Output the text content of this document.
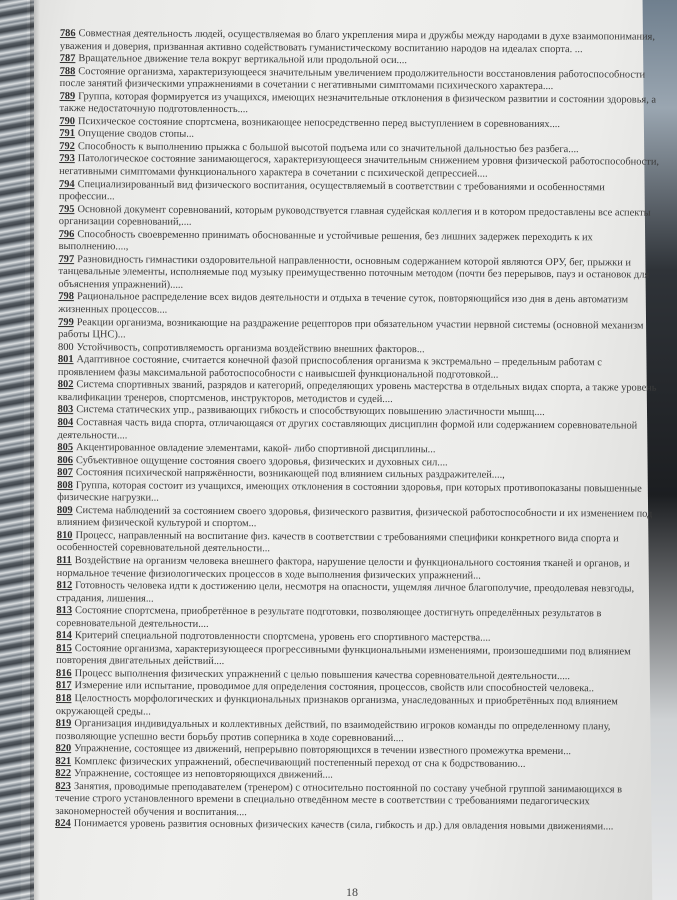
786 Совместная деятельность людей, осуществляемая во благо укрепления мира и дружбы между народами в духе взаимопонимания, уважения и доверия, призванная активно содействовать гуманистическому воспитанию народов на идеалах спорта. ...

787 Вращательное движение тела вокруг вертикальной или продольной оси....

788 Состояние организма, характеризующееся значительным увеличением продолжительности восстановления работоспособности после занятий физическими упражнениями в сочетании с негативными симптомами психического характера....

789 Группа, которая формируется из учащихся, имеющих незначительные отклонения в физическом развитии и состоянии здоровья, а также недостаточную подготовленность....

790 Психическое состояние спортсмена, возникающее непосредственно перед выступлением в соревнованиях....

791 Опущение сводов стопы...

792 Способность к выполнению прыжка с большой высотой подъема или со значительной дальностью без разбега....

793 Патологическое состояние занимающегося, характеризующееся значительным снижением уровня физической работоспособности, негативными симптомами функционального характера в сочетании с психической депрессией....

794 Специализированный вид физического воспитания, осуществляемый в соответствии с требованиями и особенностями профессии...

795 Основной документ соревнований, которым руководствуется главная судейская коллегия и в котором предоставлены все аспекты организации соревнований,....

796 Способность своевременно принимать обоснованные и устойчивые решения, без лишних задержек переходить к их выполнению....,

797 Разновидность гимнастики оздоровительной направленности, основным содержанием которой являются ОРУ, бег, прыжки и танцевальные элементы, исполняемые под музыку преимущественно поточным методом (почти без перерывов, пауз и остановок для объяснения упражнений).....

798 Рациональное распределение всех видов деятельности и отдыха в течение суток, повторяющийся изо дня в день автоматизм жизненных процессов....

799 Реакции организма, возникающие на раздражение рецепторов при обязательном участии нервной системы (основной механизм работы ЦНС)...

800 Устойчивость, сопротивляемость организма воздействию внешних факторов...

801 Адаптивное состояние, считается конечной фазой приспособления организма к экстремально – предельным работам с проявлением фазы максимальной работоспособности с наивысшей функциональной подготовкой...

802 Система спортивных званий, разрядов и категорий, определяющих уровень мастерства в отдельных видах спорта, а также уровень квалификации тренеров, спортсменов, инструкторов, методистов и судей....

803 Система статических упр., развивающих гибкость и способствующих повышению эластичности мышц....

804 Составная часть вида спорта, отличающаяся от других составляющих дисциплин формой или содержанием соревновательной деятельности....

805 Акцентированное овладение элементами, какой- либо спортивной дисциплины...

806 Субъективное ощущение состояния своего здоровья, физических и духовных сил....

807 Состояния психической напряжённости, возникающей под влиянием сильных раздражителей....,

808 Группа, которая состоит из учащихся, имеющих отклонения в состоянии здоровья, при которых противопоказаны повышенные физические нагрузки...

809 Система наблюдений за состоянием своего здоровья, физического развития, физической работоспособности и их изменением под влиянием физической культурой и спортом...

810 Процесс, направленный на воспитание физ. качеств в соответствии с требованиями специфики конкретного вида спорта и особенностей соревновательной деятельности...

811 Воздействие на организм человека внешнего фактора, нарушение целости и функционального состояния тканей и органов, и нормальное течение физиологических процессов в ходе выполнения физических упражнений...

812 Готовность человека идти к достижению цели, несмотря на опасности, ущемляя личное благополучие, преодолевая невзгоды, страдания, лишения...

813 Состояние спортсмена, приобретённое в результате подготовки, позволяющее достигнуть определённых результатов в соревновательной деятельности....

814 Критерий специальной подготовленности спортсмена, уровень его спортивного мастерства....

815 Состояние организма, характеризующееся прогрессивными функциональными изменениями, произошедшими под влиянием повторения двигательных действий....

816 Процесс выполнения физических упражнений с целью повышения качества соревновательной деятельности.....

817 Измерение или испытание, проводимое для определения состояния, процессов, свойств или способностей человека..

818 Целостность морфологических и функциональных признаков организма, унаследованных и приобретённых под влиянием окружающей среды...

819 Организация индивидуальных и коллективных действий, по взаимодействию игроков команды по определенному плану, позволяющие успешно вести борьбу против соперника в ходе соревнований....

820 Упражнение, состоящее из движений, непрерывно повторяющихся в течении известного промежутка времени...

821 Комплекс физических упражнений, обеспечивающий постепенный переход от сна к бодрствованию...

822 Упражнение, состоящее из неповторяющихся движений....

823 Занятия, проводимые преподавателем (тренером) с относительно постоянной по составу учебной группой занимающихся в течение строго установленного времени в специально отведённом месте в соответствии с требованиями педагогических закономерностей обучения и воспитания....

824 Понимается уровень развития основных физических качеств (сила, гибкость и др.) для овладения новыми движениями....

18
